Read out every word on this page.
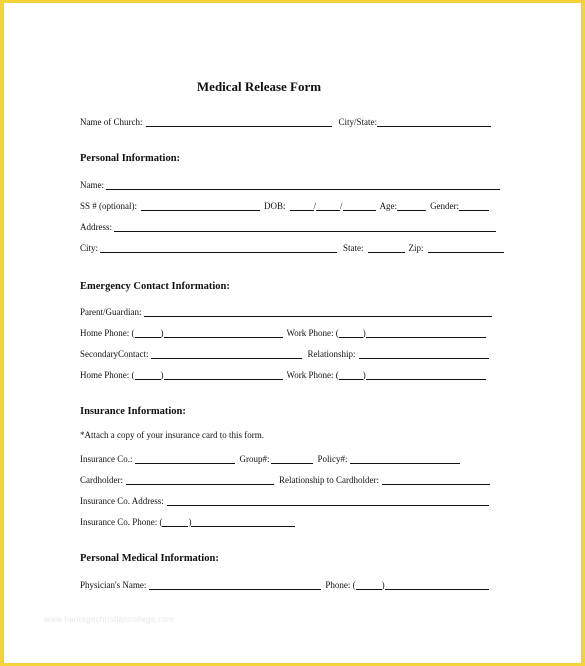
Medical Release Form
Name of Church:	City/State:
Personal Information:
Name:
SS # (optional):	DOB:	/	/	Age:	Gender:
Address:
City:	State:	Zip:
Emergency Contact Information:
Parent/Guardian:
Home Phone: (	)	Work Phone: (	)
SecondaryContact:	Relationship:
Home Phone: (	)	Work Phone: (	)
Insurance Information:
*Attach a copy of your insurance card to this form.
Insurance Co.:	Group#:	Policy#:
Cardholder:	Relationship to Cardholder:
Insurance Co. Address:
Insurance Co. Phone: (	)
Personal Medical Information:
Physician's Name:	Phone: (	)
www.heritagechristiancollege.com
